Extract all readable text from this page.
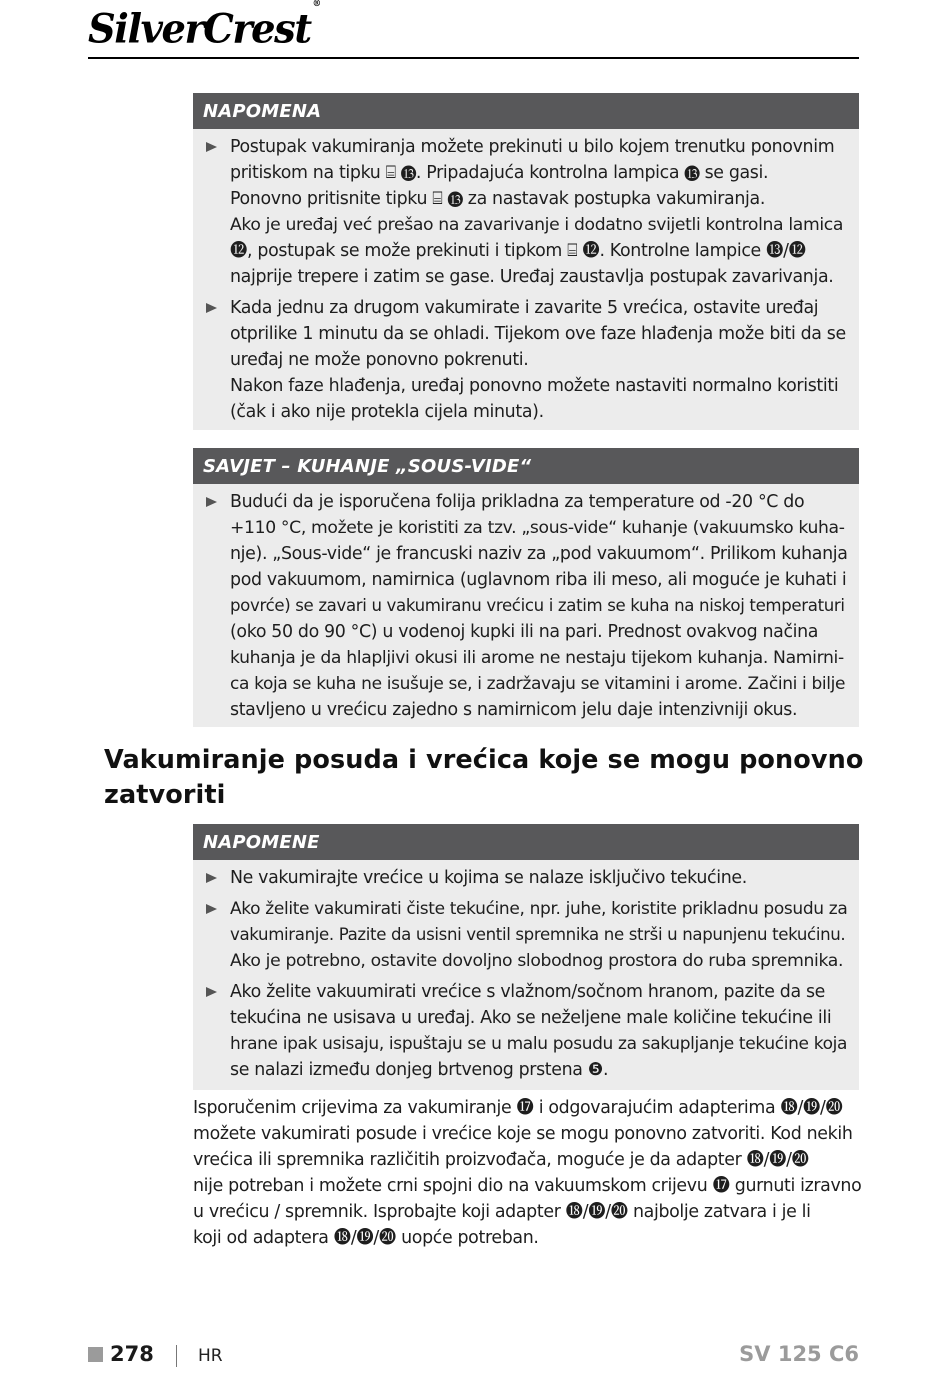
SilverCrest®
NAPOMENA
Postupak vakumiranja možete prekinuti u bilo kojem trenutku ponovnim
pritiskom na tipku ⌸ ⓭. Pripadajuća kontrolna lampica ⓭ se gasi.
Ponovno pritisnite tipku ⌸ ⓭ za nastavak postupka vakumiranja.
Ako je uređaj već prešao na zavarivanje i dodatno svijetli kontrolna lamica
⓬, postupak se može prekinuti i tipkom ⌸ ⓬. Kontrolne lampice ⓭/⓬
najprije trepere i zatim se gase. Uređaj zaustavlja postupak zavarivanja.
Kada jednu za drugom vakumirate i zavarite 5 vrećica, ostavite uređaj
otprilike 1 minutu da se ohladi. Tijekom ove faze hlađenja može biti da se
uređaj ne može ponovno pokrenuti.
Nakon faze hlađenja, uređaj ponovno možete nastaviti normalno koristiti
(čak i ako nije protekla cijela minuta).
SAVJET – KUHANJE „SOUS-VIDE“
Budući da je isporučena folija prikladna za temperature od -20 °C do
+110 °C, možete je koristiti za tzv. „sous-vide“ kuhanje (vakuumsko kuha-
nje). „Sous-vide“ je francuski naziv za „pod vakuumom“. Prilikom kuhanja
pod vakuumom, namirnica (uglavnom riba ili meso, ali moguće je kuhati i
povrće) se zavari u vakumiranu vrećicu i zatim se kuha na niskoj temperaturi
(oko 50 do 90 °C) u vodenoj kupki ili na pari. Prednost ovakvog načina
kuhanja je da hlapljivi okusi ili arome ne nestaju tijekom kuhanja. Namirni-
ca koja se kuha ne isušuje se, i zadržavaju se vitamini i arome. Začini i bilje
stavljeno u vrećicu zajedno s namirnicom jelu daje intenzivniji okus.
Vakumiranje posuda i vrećica koje se mogu ponovno
zatvoriti
NAPOMENE
Ne vakumirajte vrećice u kojima se nalaze isključivo tekućine.
Ako želite vakumirati čiste tekućine, npr. juhe, koristite prikladnu posudu za
vakumiranje. Pazite da usisni ventil spremnika ne strši u napunjenu tekućinu.
Ako je potrebno, ostavite dovoljno slobodnog prostora do ruba spremnika.
Ako želite vakuumirati vrećice s vlažnom/sočnom hranom, pazite da se
tekućina ne usisava u uređaj. Ako se neželjene male količine tekućine ili
hrane ipak usisaju, ispuštaju se u malu posudu za sakupljanje tekućine koja
se nalazi između donjeg brtvenog prstena ❺.
Isporučenim crijevima za vakumiranje ⓱ i odgovarajućim adapterima ⓲/⓳/⓴
možete vakumirati posude i vrećice koje se mogu ponovno zatvoriti. Kod nekih
vrećica ili spremnika različitih proizvođača, moguće je da adapter ⓲/⓳/⓴
nije potreban i možete crni spojni dio na vakuumskom crijevu ⓱ gurnuti izravno
u vrećicu / spremnik. Isprobajte koji adapter ⓲/⓳/⓴ najbolje zatvara i je li
koji od adaptera ⓲/⓳/⓴ uopće potreban.
278	HR	SV 125 C6
